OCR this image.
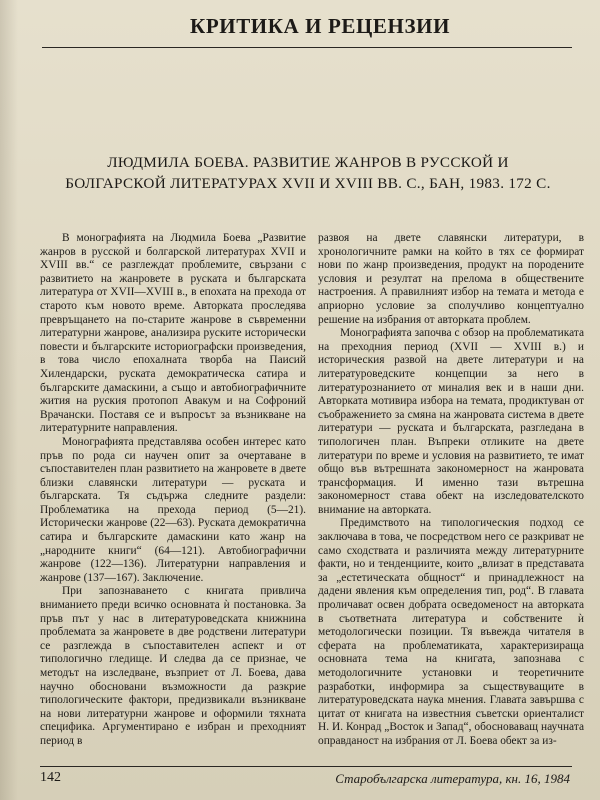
КРИТИКА И РЕЦЕНЗИИ
ЛЮДМИЛА БОЕВА. РАЗВИТИЕ ЖАНРОВ В РУССКОЙ И БОЛГАРСКОЙ ЛИТЕРАТУРАХ XVII И XVIII ВВ. С., БАН, 1983. 172 С.

В монографията на Людмила Боева „Развитие жанров в русской и болгарской литературах XVII и XVIII вв.“ се разглеждат проблемите, свързани с развитието на жанровете в руската и българската литература от XVII—XVIII в., в епохата на прехода от старото към новото време. Авторката проследява превръщането на по-старите жанрове в съвременни литературни жанрове, анализира руските исторически повести и българските историографски произведения, в това число епохалната творба на Паисий Хилендарски, руската демократическа сатира и българските дамаскини, а също и автобиографичните жития на руския протопоп Авакум и на Софроний Врачански. Поставя се и въпросът за възникване на литературните направления.

Монографията представлява особен интерес като пръв по рода си научен опит за очертаване в съпоставителен план развитието на жанровете в двете близки славянски литератури — руската и българската. Тя съдържа следните раздели: Проблематика на прехода период (5—21). Исторически жанрове (22—63). Руската демократична сатира и българските дамаскини като жанр на „народните книги“ (64—121). Автобиографични жанрове (122—136). Литературни направления и жанрове (137—167). Заключение.

При запознаването с книгата привлича вниманието преди всичко основната ѝ постановка. За пръв път у нас в литературоведската книжнина проблемата за жанровете в две родствени литератури се разглежда в съпоставителен аспект и от типологично гледище. И следва да се признае, че методът на изследване, възприет от Л. Боева, дава научно обосновани възможности да разкрие типологическите фактори, предизвикали възникване на нови литературни жанрове и оформили тяхната специфика. Аргументирано е избран и преходният период в

развоя на двете славянски литератури, в хронологичните рамки на който в тях се формират нови по жанр произведения, продукт на породените условия и резултат на прелома в обществените настроения. А правилният избор на темата и метода е априорно условие за сполучливо концептуално решение на избрания от авторката проблем.

Монографията започва с обзор на проблематиката на преходния период (XVII — XVIII в.) и историческия развой на двете литератури и на литературоведските концепции за него в литературознанието от миналия век и в наши дни. Авторката мотивира избора на темата, продиктуван от съображението за смяна на жанровата система в двете литератури — руската и българската, разгледана в типологичен план. Въпреки отликите на двете литератури по време и условия на развитието, те имат общо във вътрешната закономерност на жанровата трансформация. И именно тази вътрешна закономерност става обект на изследователското внимание на авторката.

Предимството на типологическия подход се заключава в това, че посредством него се разкриват не само сходствата и различията между литературните факти, но и тенденциите, които „влизат в представата за „естетическата общност“ и принадлежност на дадени явления към определения тип, род“. В главата проличават освен добрата осведоменост на авторката в съответната литература и собствените ѝ методологически позиции. Тя въвежда читателя в сферата на проблематиката, характеризираща основната тема на книгата, запознава с методологичните установки и теоретичните разработки, информира за съществуващите в литературоведската наука мнения. Главата завършва с цитат от книгата на известния съветски ориенталист Н. И. Конрад „Восток и Запад“, обосноваващ научната оправданост на избрания от Л. Боева обект за из-

142	Старобългарска литература, кн. 16, 1984
